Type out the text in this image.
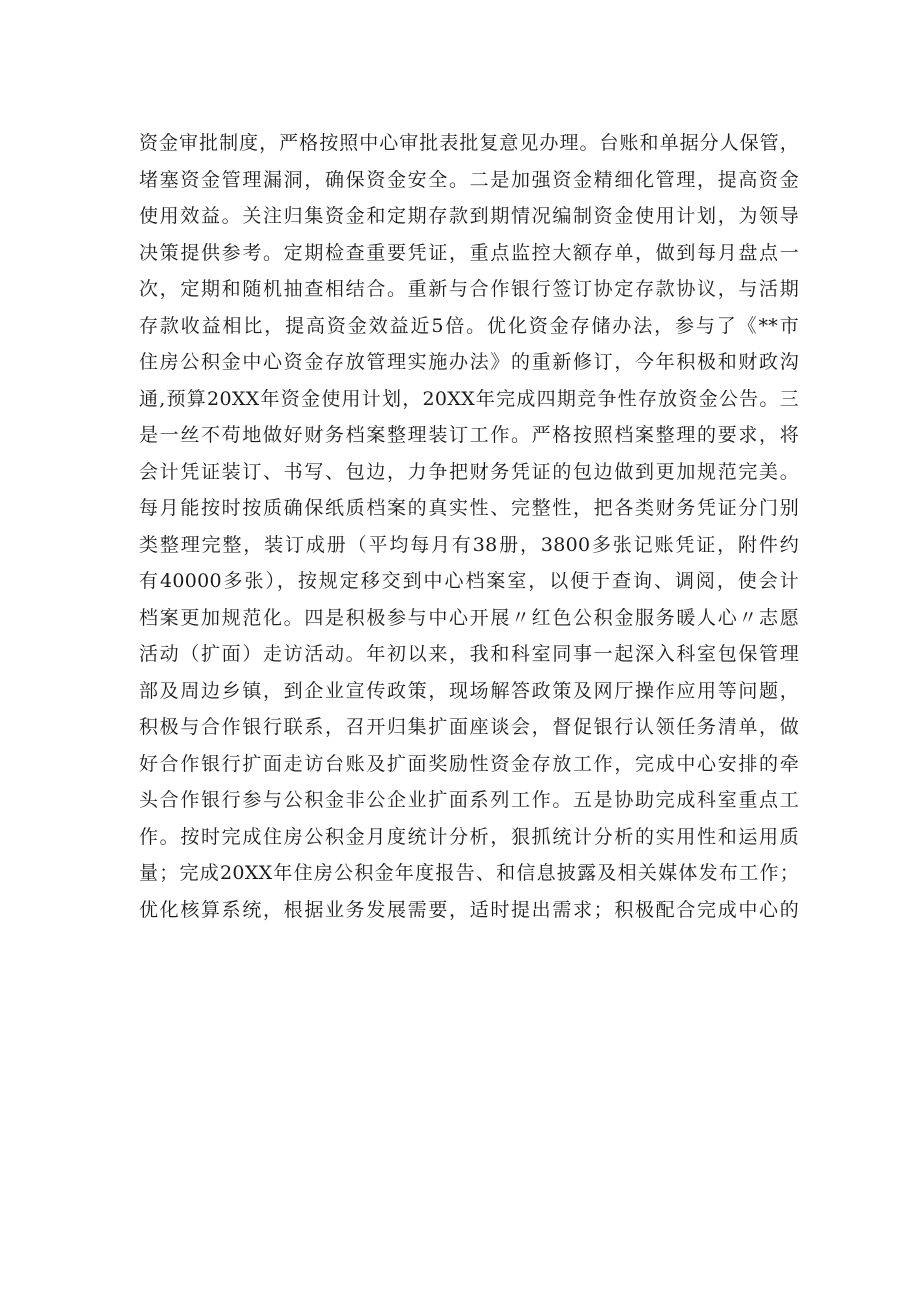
资金审批制度，严格按照中心审批表批复意见办理。台账和单据分人保管，
堵塞资金管理漏洞，确保资金安全。二是加强资金精细化管理，提高资金
使用效益。关注归集资金和定期存款到期情况编制资金使用计划，为领导
决策提供参考。定期检查重要凭证，重点监控大额存单，做到每月盘点一
次，定期和随机抽查相结合。重新与合作银行签订协定存款协议，与活期
存款收益相比，提高资金效益近5倍。优化资金存储办法，参与了《**市
住房公积金中心资金存放管理实施办法》的重新修订，今年积极和财政沟
通,预算20XX年资金使用计划，20XX年完成四期竞争性存放资金公告。三
是一丝不苟地做好财务档案整理装订工作。严格按照档案整理的要求，将
会计凭证装订、书写、包边，力争把财务凭证的包边做到更加规范完美。
每月能按时按质确保纸质档案的真实性、完整性，把各类财务凭证分门别
类整理完整，装订成册（平均每月有38册，3800多张记账凭证，附件约
有40000多张），按规定移交到中心档案室，以便于查询、调阅，使会计
档案更加规范化。四是积极参与中心开展〃红色公积金服务暖人心〃志愿
活动（扩面）走访活动。年初以来，我和科室同事一起深入科室包保管理
部及周边乡镇，到企业宣传政策，现场解答政策及网厅操作应用等问题，
积极与合作银行联系，召开归集扩面座谈会，督促银行认领任务清单，做
好合作银行扩面走访台账及扩面奖励性资金存放工作，完成中心安排的牵
头合作银行参与公积金非公企业扩面系列工作。五是协助完成科室重点工
作。按时完成住房公积金月度统计分析，狠抓统计分析的实用性和运用质
量；完成20XX年住房公积金年度报告、和信息披露及相关媒体发布工作；
优化核算系统，根据业务发展需要，适时提出需求；积极配合完成中心的
